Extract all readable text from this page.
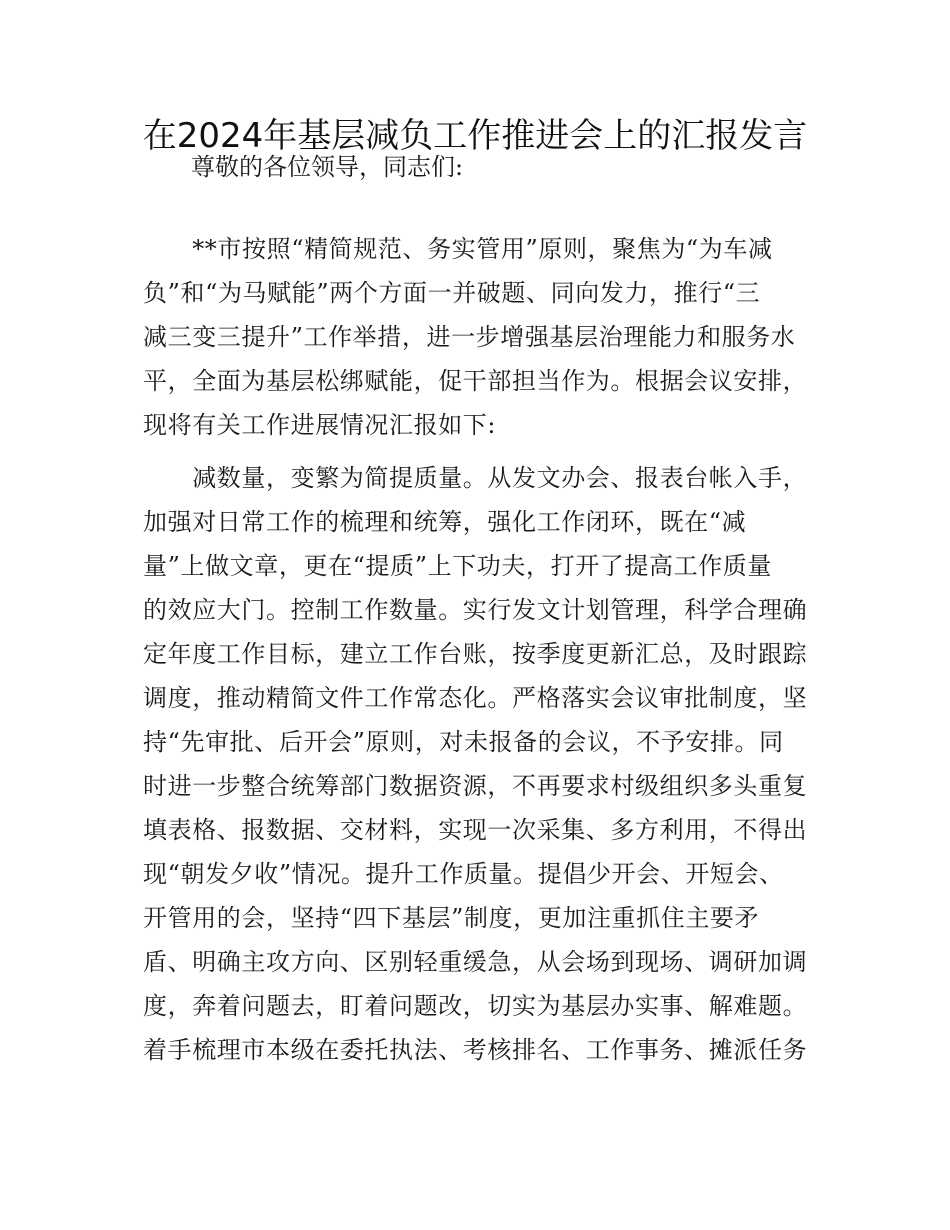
在2024年基层减负工作推进会上的汇报发言

尊敬的各位领导，同志们:

　　**市按照“精简规范、务实管用”原则，聚焦为“为车减
负”和“为马赋能”两个方面一并破题、同向发力，推行“三
减三变三提升”工作举措，进一步增强基层治理能力和服务水
平，全面为基层松绑赋能，促干部担当作为。根据会议安排，
现将有关工作进展情况汇报如下:
　　减数量，变繁为简提质量。从发文办会、报表台帐入手，
加强对日常工作的梳理和统筹，强化工作闭环，既在“减
量”上做文章，更在“提质”上下功夫，打开了提高工作质量
的效应大门。控制工作数量。实行发文计划管理，科学合理确
定年度工作目标，建立工作台账，按季度更新汇总，及时跟踪
调度，推动精简文件工作常态化。严格落实会议审批制度，坚
持“先审批、后开会”原则，对未报备的会议，不予安排。同
时进一步整合统筹部门数据资源，不再要求村级组织多头重复
填表格、报数据、交材料，实现一次采集、多方利用，不得出
现“朝发夕收”情况。提升工作质量。提倡少开会、开短会、
开管用的会，坚持“四下基层”制度，更加注重抓住主要矛
盾、明确主攻方向、区别轻重缓急，从会场到现场、调研加调
度，奔着问题去，盯着问题改，切实为基层办实事、解难题。
着手梳理市本级在委托执法、考核排名、工作事务、摊派任务
